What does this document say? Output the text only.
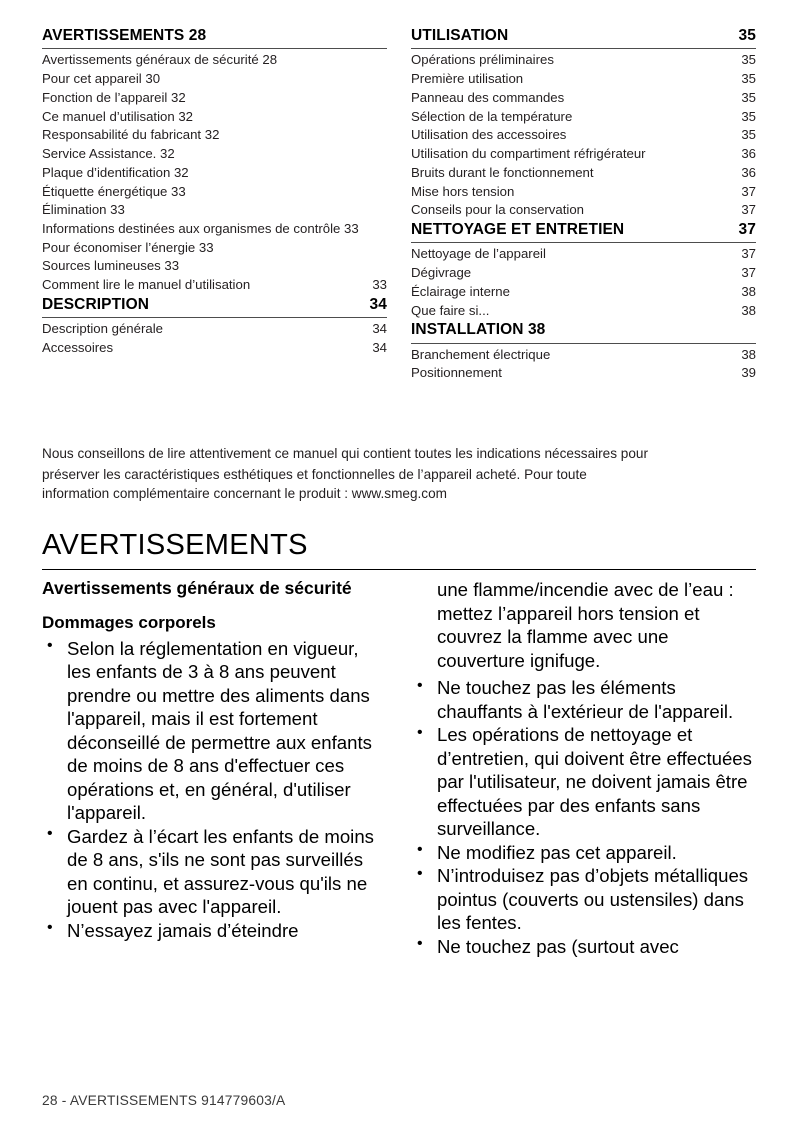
AVERTISSEMENTS 28
Avertissements généraux de sécurité 28
Pour cet appareil 30
Fonction de l’appareil 32
Ce manuel d’utilisation 32
Responsabilité du fabricant 32
Service Assistance. 32
Plaque d’identification 32
Étiquette énergétique 33
Élimination 33
Informations destinées aux organismes de contrôle 33
Pour économiser l’énergie 33
Sources lumineuses 33
Comment lire le manuel d’utilisation	33
DESCRIPTION	34
Description générale	34
Accessoires	34
UTILISATION	35
Opérations préliminaires	35
Première utilisation	35
Panneau des commandes	35
Sélection de la température	35
Utilisation des accessoires	35
Utilisation du compartiment réfrigérateur	36
Bruits durant le fonctionnement	36
Mise hors tension	37
Conseils pour la conservation	37
NETTOYAGE ET ENTRETIEN	37
Nettoyage de l’appareil	37
Dégivrage	37
Éclairage interne	38
Que faire si...	38
INSTALLATION 38
Branchement électrique	38
Positionnement	39
Nous conseillons de lire attentivement ce manuel qui contient toutes les indications nécessaires pour
préserver les caractéristiques esthétiques et fonctionnelles de l’appareil acheté. Pour toute
information complémentaire concernant le produit : www.smeg.com
AVERTISSEMENTS
Avertissements généraux de sécurité
Dommages corporels
• Selon la réglementation en vigueur, les enfants de 3 à 8 ans peuvent prendre ou mettre des aliments dans l'appareil, mais il est fortement déconseillé de permettre aux enfants de moins de 8 ans d'effectuer ces opérations et, en général, d'utiliser l'appareil.
• Gardez à l’écart les enfants de moins de 8 ans, s'ils ne sont pas surveillés en continu, et assurez-vous qu'ils ne jouent pas avec l'appareil.
• N’essayez jamais d’éteindre

une flamme/incendie avec de l’eau : mettez l’appareil hors tension et couvrez la flamme avec une couverture ignifuge.

• Ne touchez pas les éléments chauffants à l'extérieur de l'appareil.
• Les opérations de nettoyage et d’entretien, qui doivent être effectuées par l'utilisateur, ne doivent jamais être effectuées par des enfants sans surveillance.
• Ne modifiez pas cet appareil.
• N’introduisez pas d’objets métalliques pointus (couverts ou ustensiles) dans les fentes.
• Ne touchez pas (surtout avec
28 - AVERTISSEMENTS 914779603/A
